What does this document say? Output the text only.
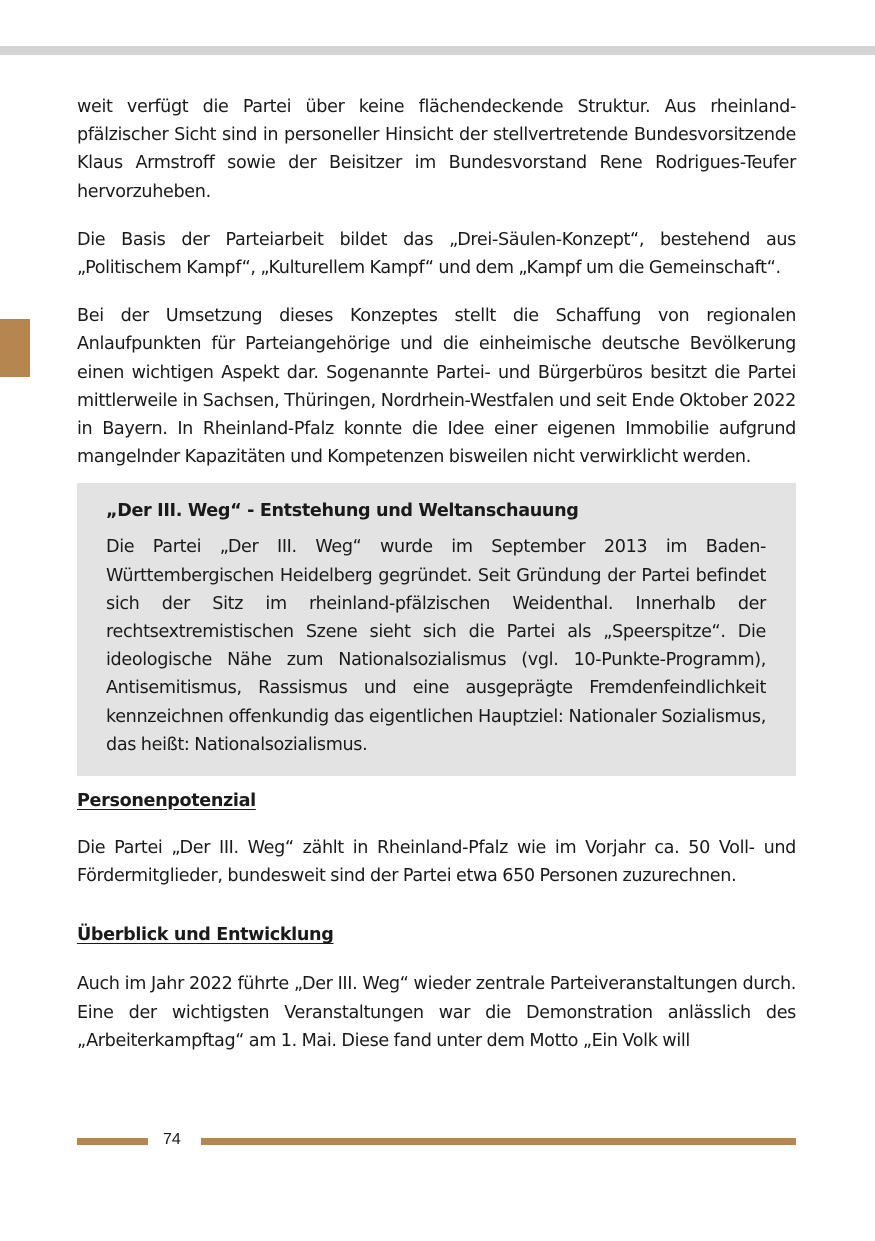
weit verfügt die Partei über keine flächendeckende Struktur. Aus rheinland-pfälzischer Sicht sind in personeller Hinsicht der stellvertretende Bundesvorsitzende Klaus Armstroff sowie der Beisitzer im Bundesvorstand Rene Rodrigues-Teufer hervorzuheben.

Die Basis der Parteiarbeit bildet das „Drei-Säulen-Konzept“, bestehend aus „Politischem Kampf“, „Kulturellem Kampf“ und dem „Kampf um die Gemeinschaft“.

Bei der Umsetzung dieses Konzeptes stellt die Schaffung von regionalen Anlaufpunkten für Parteiangehörige und die einheimische deutsche Bevölkerung einen wichtigen Aspekt dar. Sogenannte Partei- und Bürgerbüros besitzt die Partei mittlerweile in Sachsen, Thüringen, Nordrhein-Westfalen und seit Ende Oktober 2022 in Bayern. In Rheinland-Pfalz konnte die Idee einer eigenen Immobilie aufgrund mangelnder Kapazitäten und Kompetenzen bisweilen nicht verwirklicht werden.

„Der III. Weg“ - Entstehung und Weltanschauung

Die Partei „Der III. Weg“ wurde im September 2013 im Baden-Württembergischen Heidelberg gegründet. Seit Gründung der Partei befindet sich der Sitz im rheinland-pfälzischen Weidenthal. Innerhalb der rechtsextremistischen Szene sieht sich die Partei als „Speerspitze“. Die ideologische Nähe zum Nationalsozialismus (vgl. 10-Punkte-Programm), Antisemitismus, Rassismus und eine ausgeprägte Fremdenfeindlichkeit kennzeichnen offenkundig das eigentlichen Hauptziel: Nationaler Sozialismus, das heißt: Nationalsozialismus.

Personenpotenzial

Die Partei „Der III. Weg“ zählt in Rheinland-Pfalz wie im Vorjahr ca. 50 Voll- und Fördermitglieder, bundesweit sind der Partei etwa 650 Personen zuzurechnen.

Überblick und Entwicklung

Auch im Jahr 2022 führte „Der III. Weg“ wieder zentrale Parteiveranstaltungen durch. Eine der wichtigsten Veranstaltungen war die Demonstration anlässlich des „Arbeiterkampftag“ am 1. Mai. Diese fand unter dem Motto „Ein Volk will

74
